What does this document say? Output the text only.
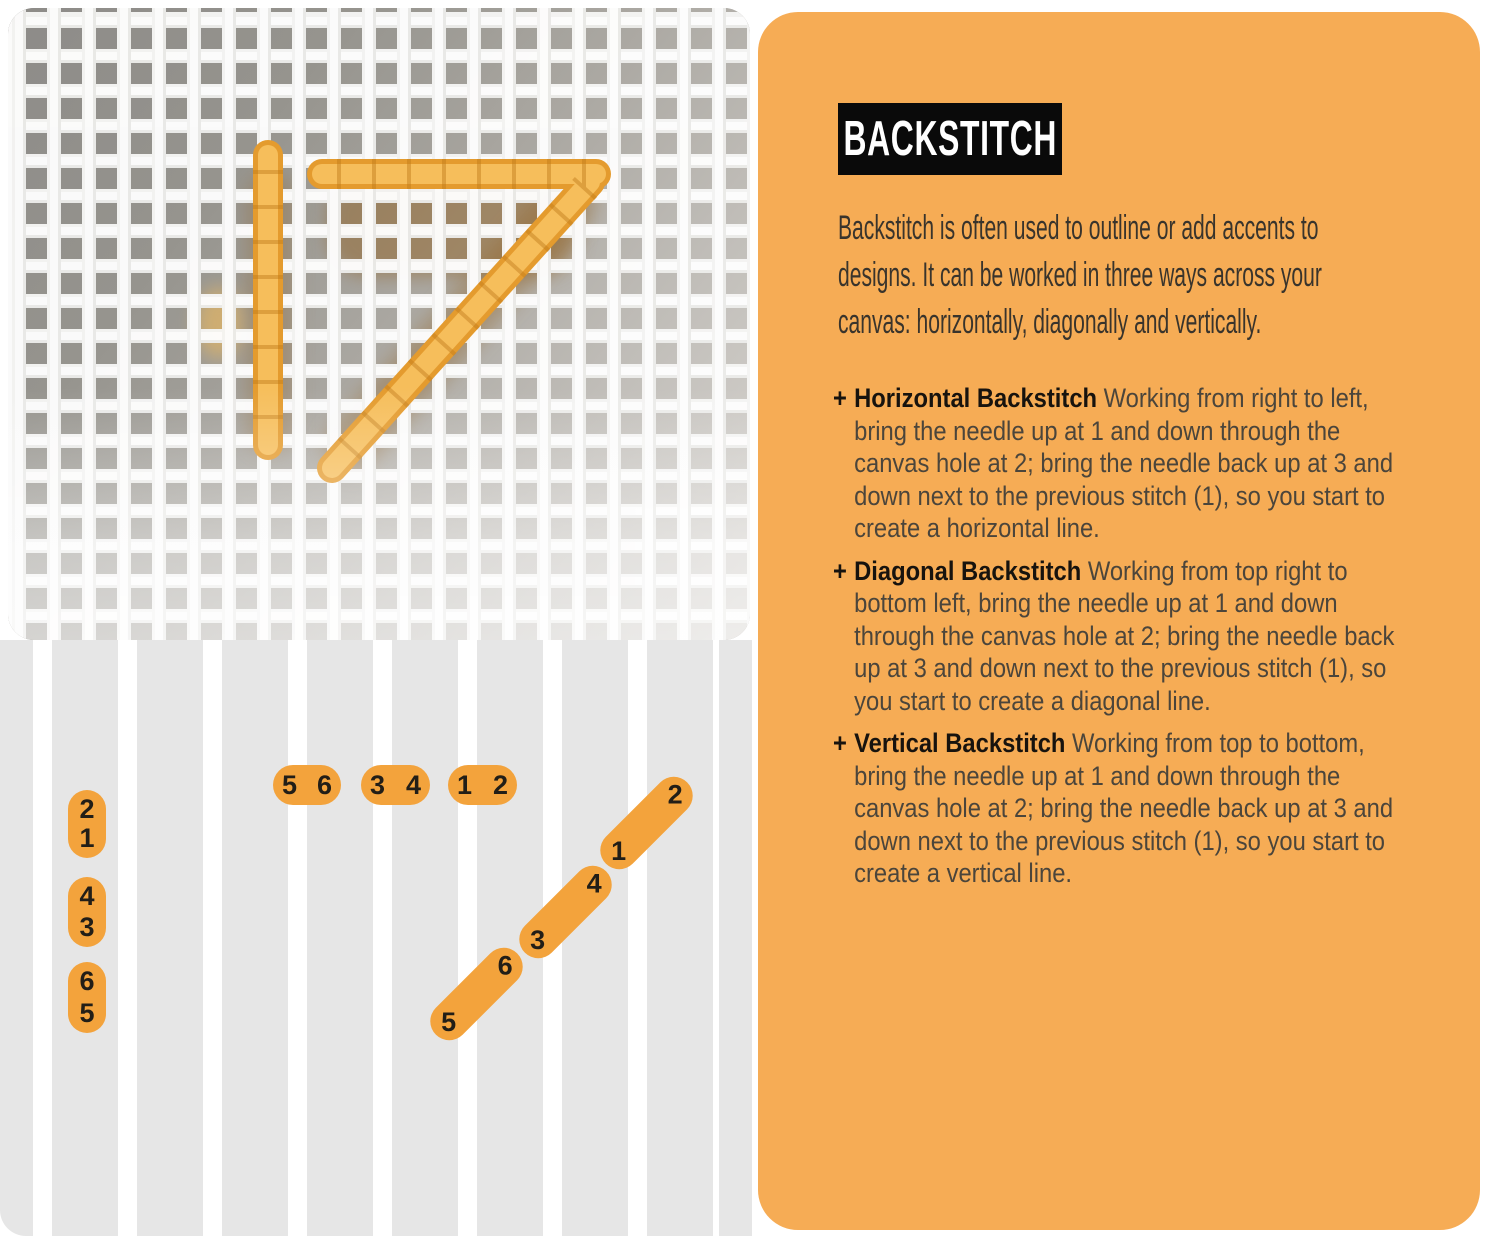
5 6 3 4 1 2
2
1
4
3
6
5	5
6
3
4
1
2
BACKSTITCH

Backstitch is often used to outline or add accents to designs. It can be worked in three ways across your canvas: horizontally, diagonally and vertically.

+ Horizontal Backstitch Working from right to left, bring the needle up at 1 and down through the canvas hole at 2; bring the needle back up at 3 and down next to the previous stitch (1), so you start to create a horizontal line.

+ Diagonal Backstitch Working from top right to bottom left, bring the needle up at 1 and down through the canvas hole at 2; bring the needle back up at 3 and down next to the previous stitch (1), so you start to create a diagonal line.

+ Vertical Backstitch Working from top to bottom, bring the needle up at 1 and down through the canvas hole at 2; bring the needle back up at 3 and down next to the previous stitch (1), so you start to create a vertical line.
